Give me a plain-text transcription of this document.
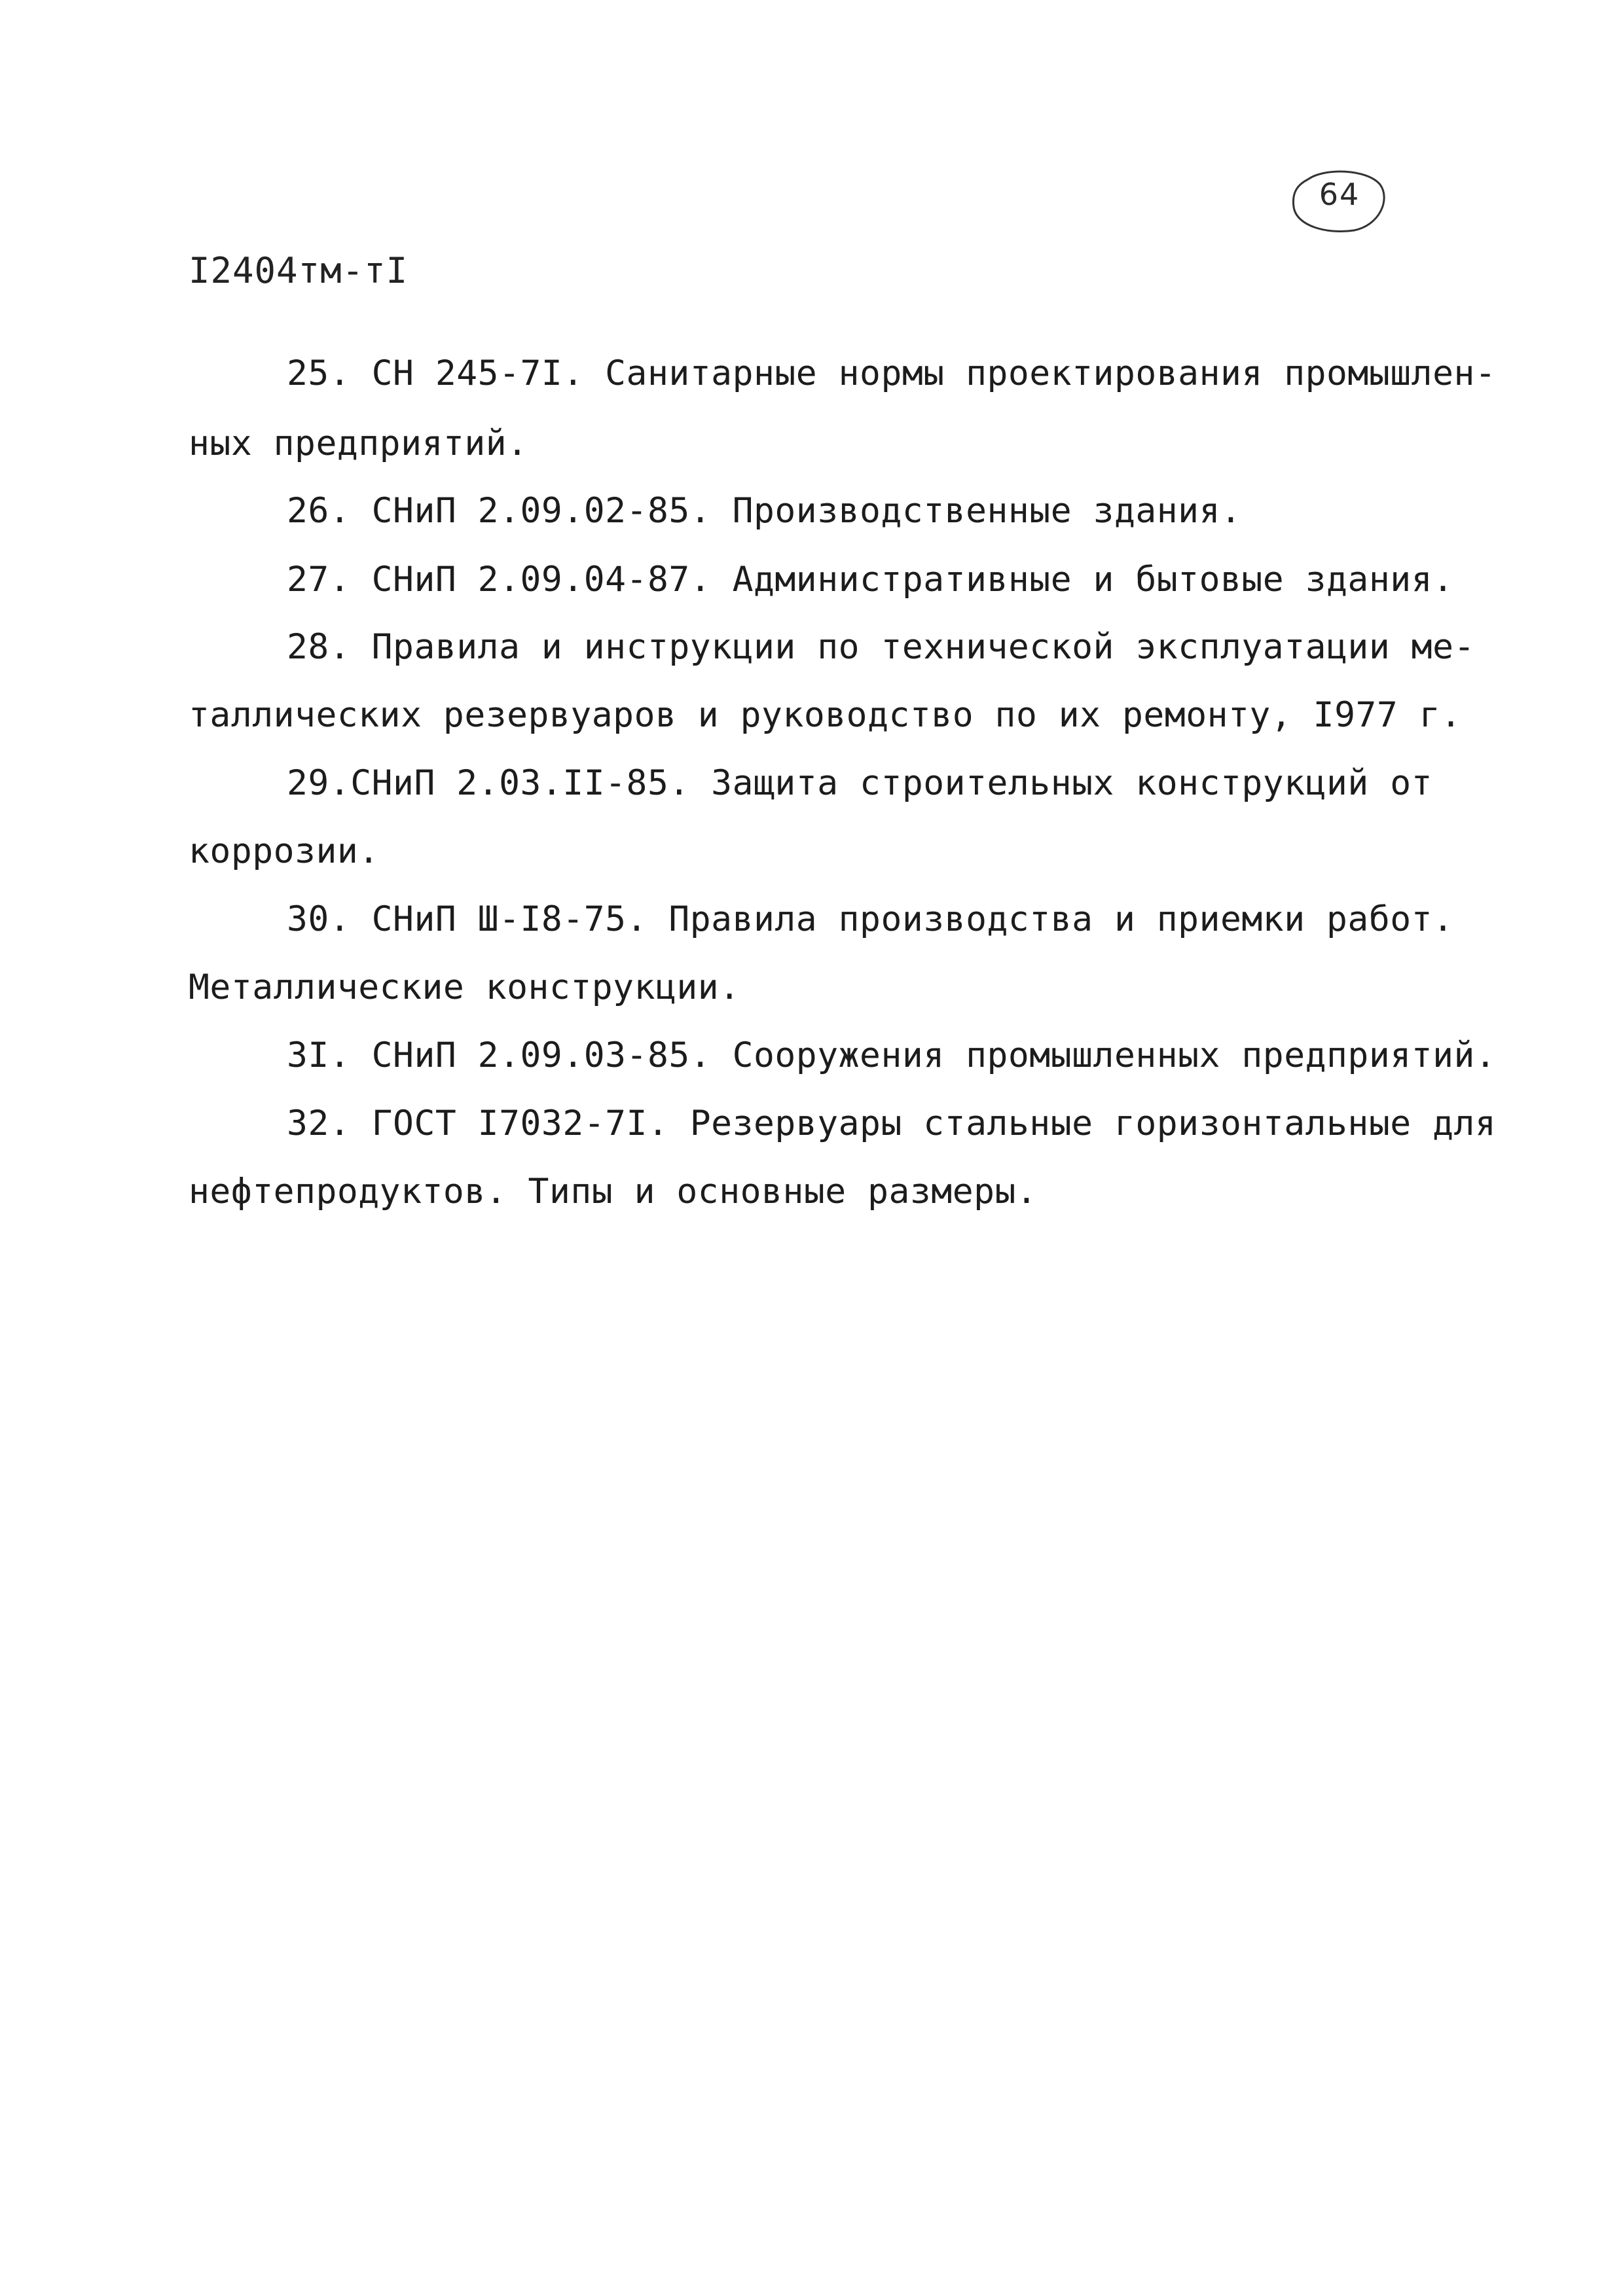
64
I2404тм-тI
25. СН 245-7I. Санитарные нормы проектирования промышлен-
ных предприятий.
26. СНиП 2.09.02-85. Производственные здания.
27. СНиП 2.09.04-87. Административные и бытовые здания.
28. Правила и инструкции по технической эксплуатации ме-
таллических резервуаров и руководство по их ремонту, I977 г.
29.СНиП 2.03.II-85. Защита строительных конструкций от
коррозии.
30. СНиП Ш-I8-75. Правила производства и приемки работ.
Металлические конструкции.
3I. СНиП 2.09.03-85. Сооружения промышленных предприятий.
32. ГОСТ I7032-7I. Резервуары стальные горизонтальные для
нефтепродуктов. Типы и основные размеры.
